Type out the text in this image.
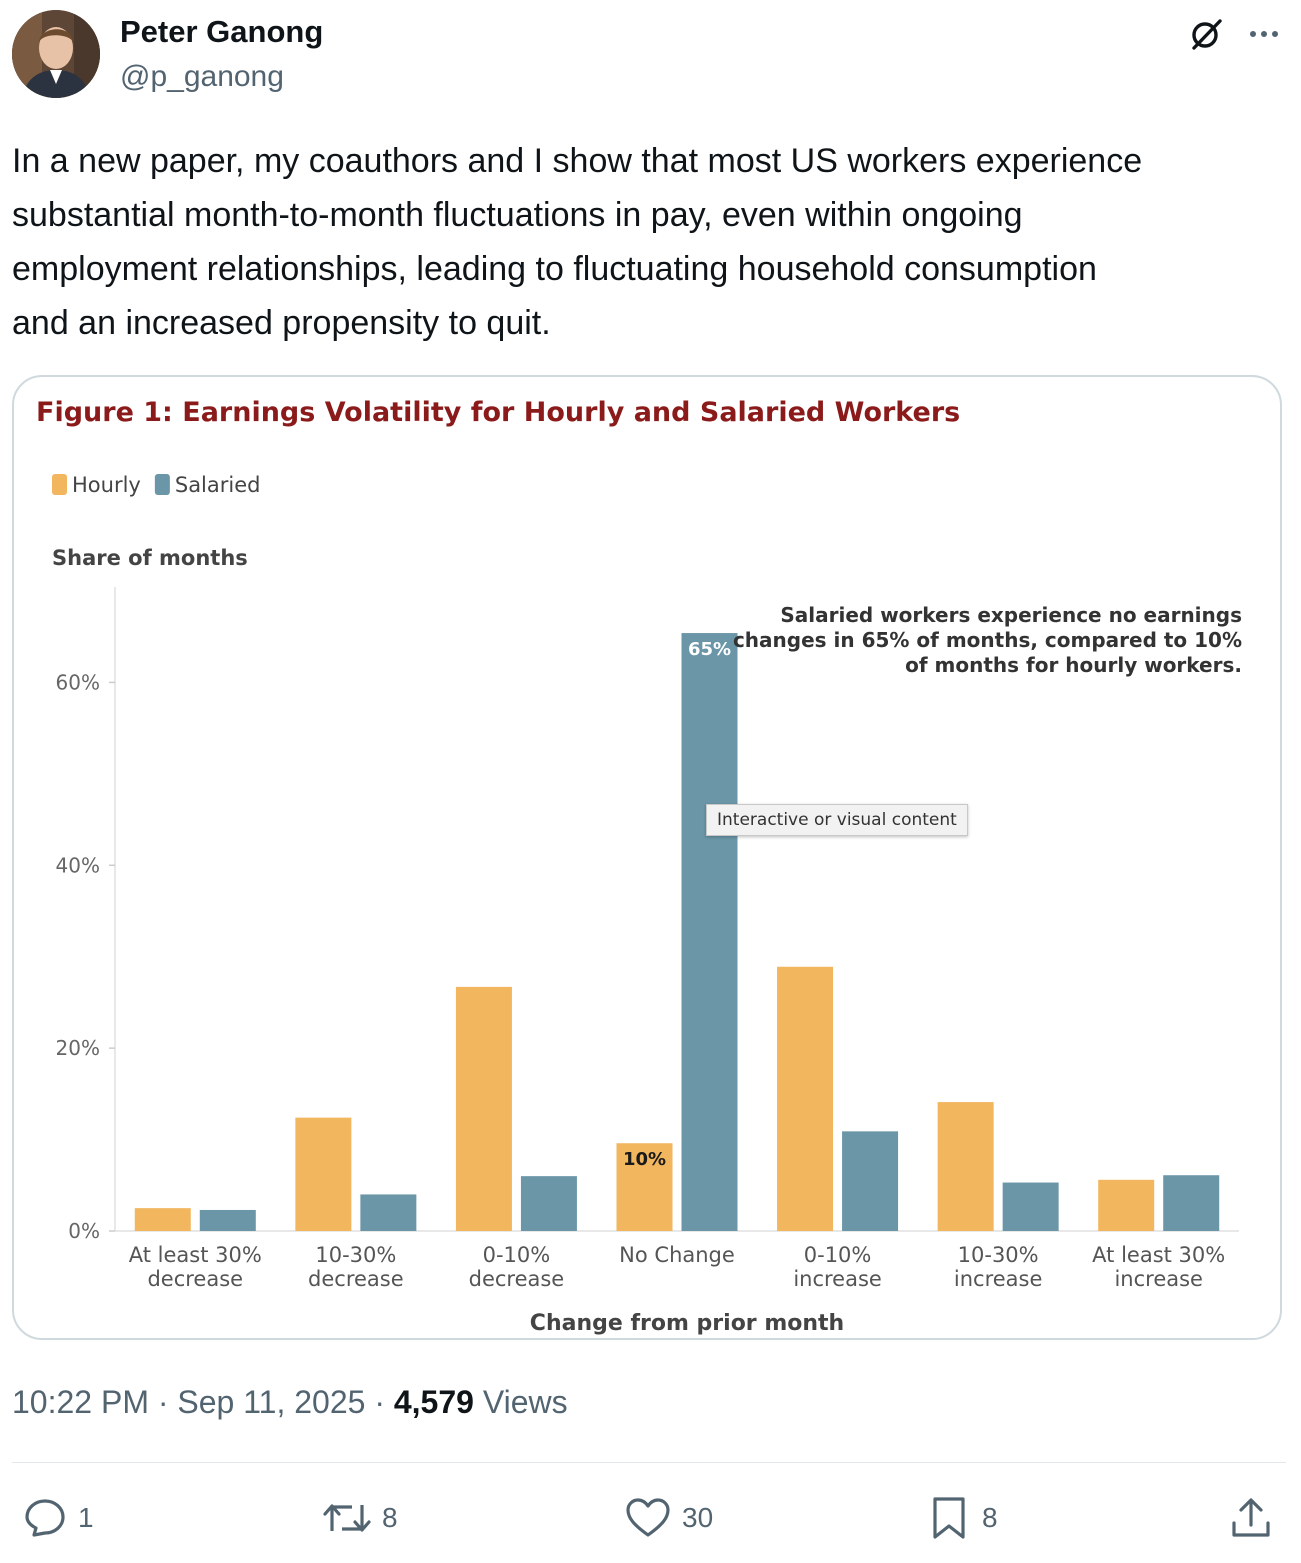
Peter Ganong
@p_ganong
In a new paper, my coauthors and I show that most US workers experience
substantial month-to-month fluctuations in pay, even within ongoing
employment relationships, leading to fluctuating household consumption
and an increased propensity to quit.
Figure 1: Earnings Volatility for Hourly and Salaried Workers
Hourly Salaried
Share of months
0%
20%
40%
60%
At least 30%
decrease
10-30%
decrease
0-10%
decrease
No Change	0-10%
increase
10-30%
increase
At least 30%
increase
10%
65%
Change from prior month
Salaried workers experience no earnings
changes in 65% of months, compared to 10%
of months for hourly workers.
Interactive or visual content
10:22 PM · Sep 11, 2025 · 4,579 Views
1	8	30	8
